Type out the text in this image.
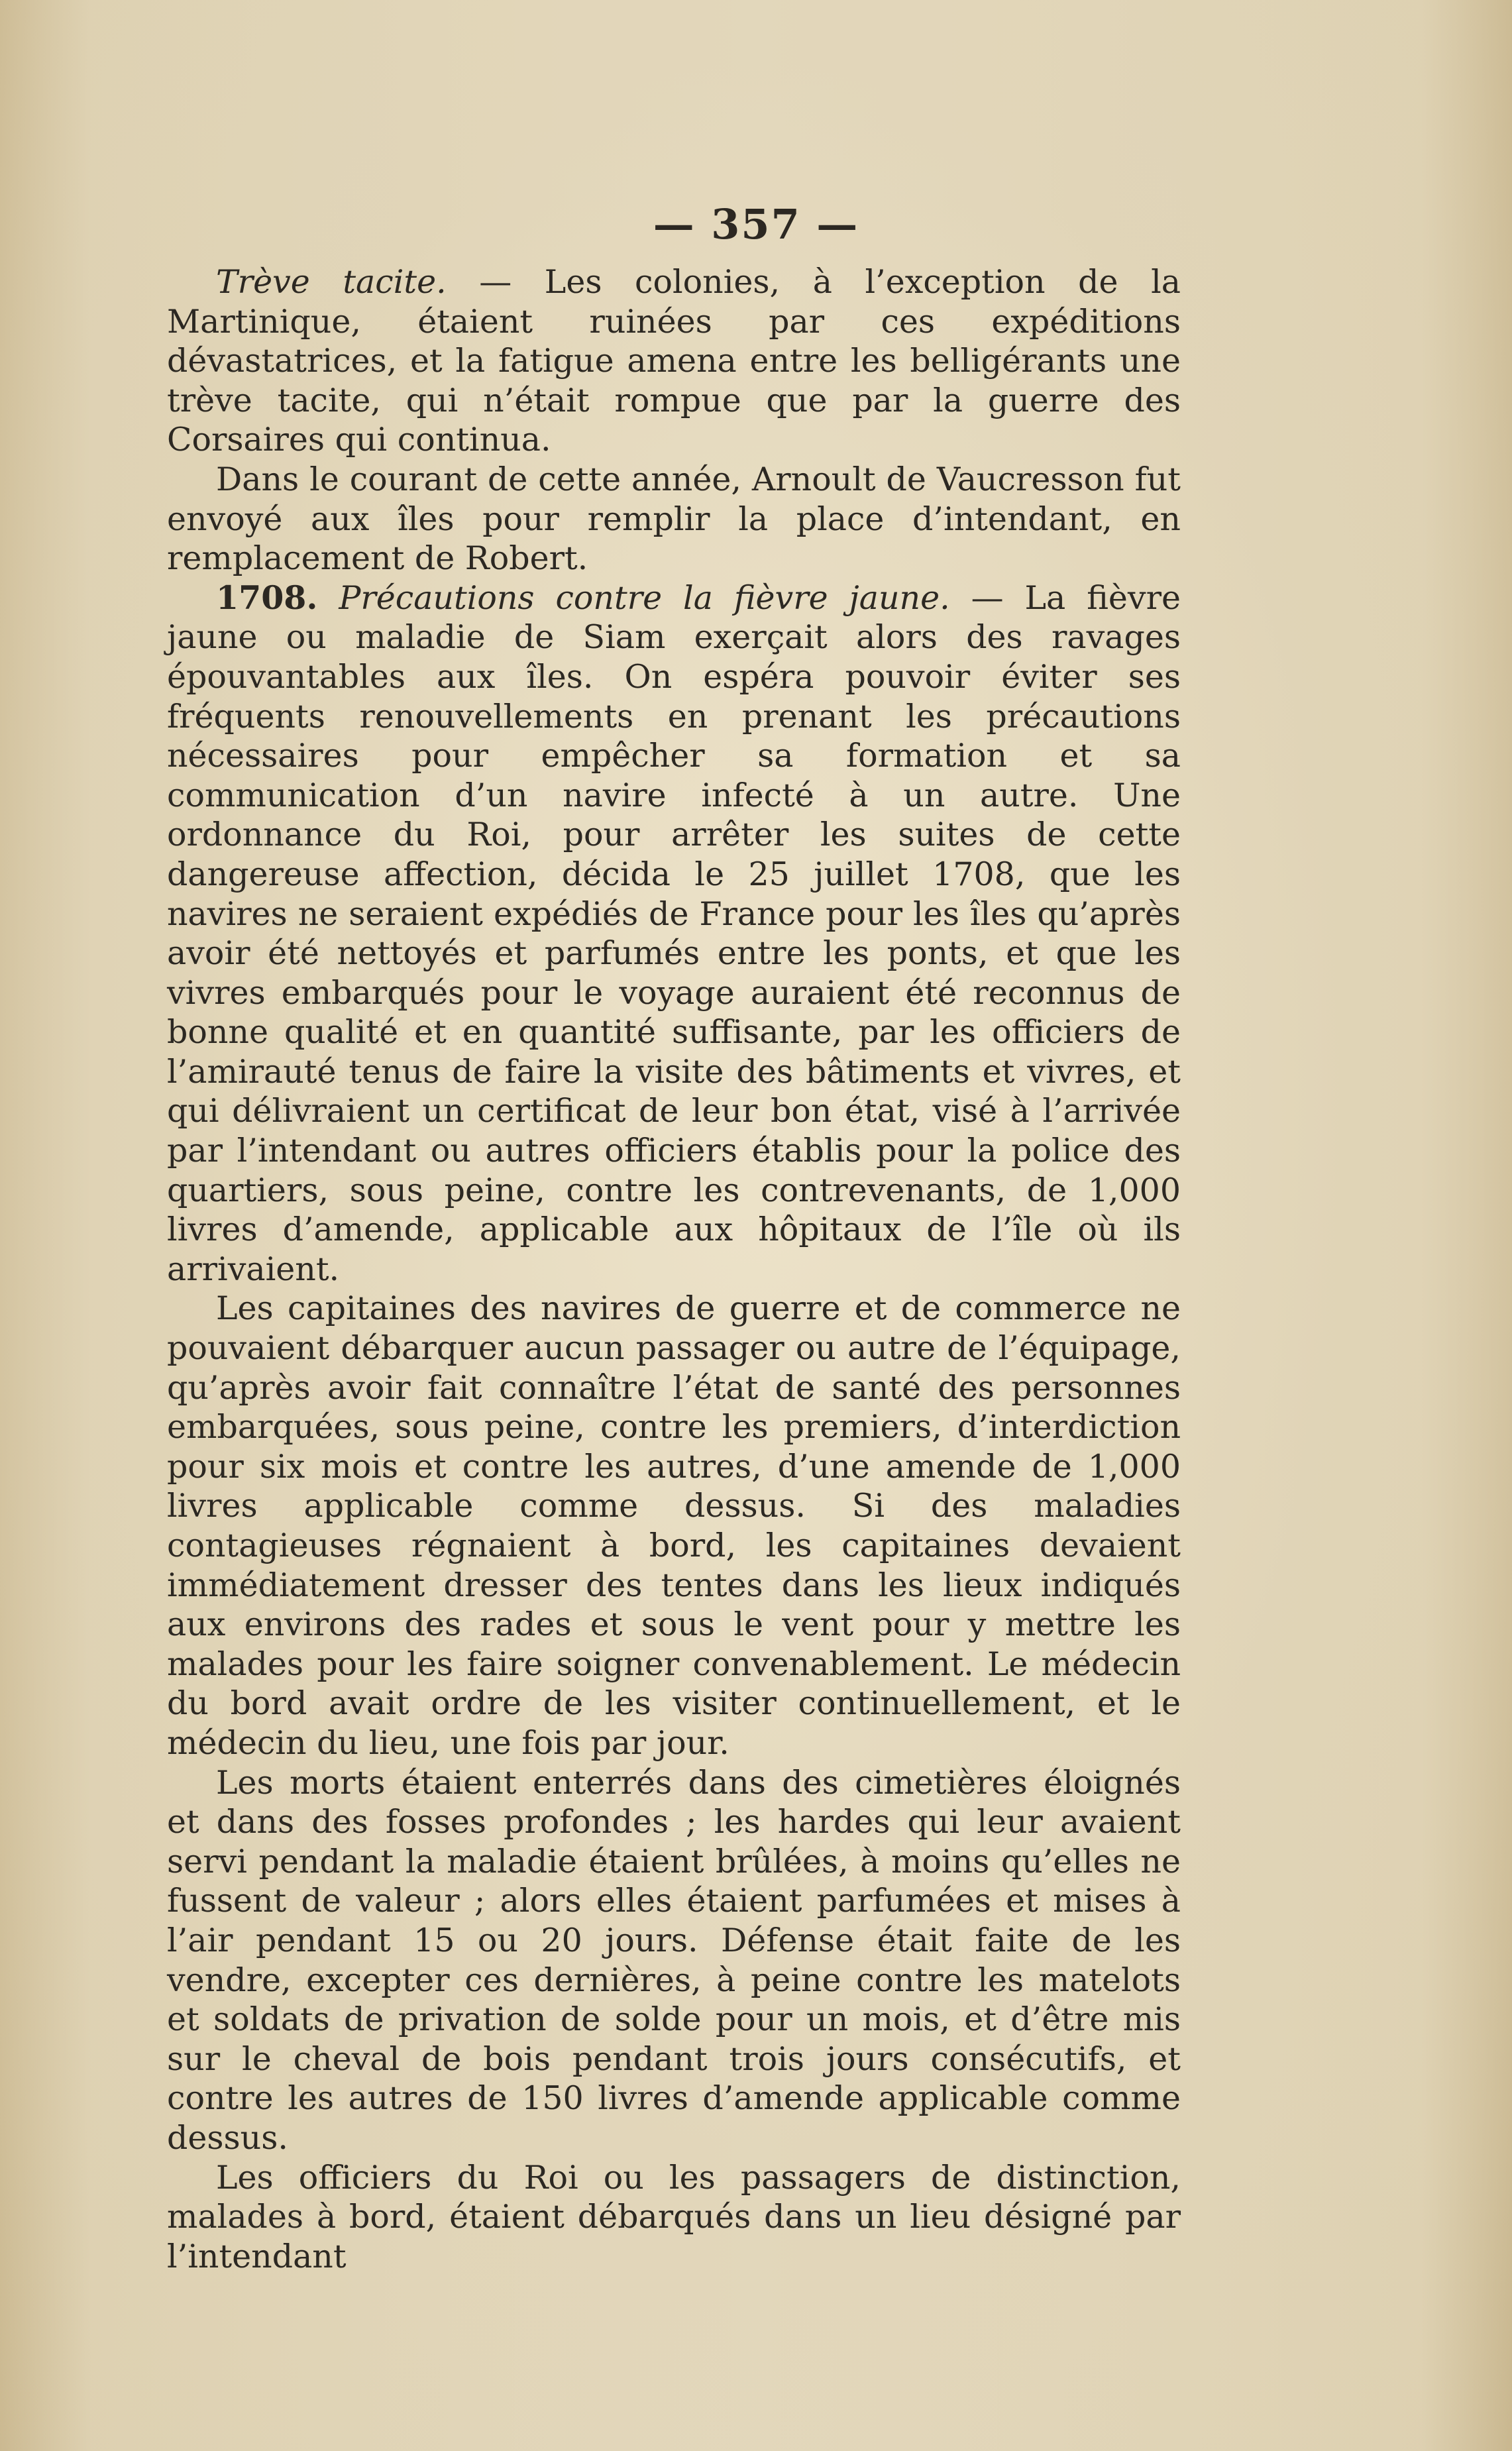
— 357 —

Trève tacite. — Les colonies, à l’exception de la Martinique, étaient ruinées par ces expéditions dévastatrices, et la fatigue amena entre les belligérants une trève tacite, qui n’était rompue que par la guerre des Corsaires qui continua.

Dans le courant de cette année, Arnoult de Vaucresson fut envoyé aux îles pour remplir la place d’intendant, en remplacement de Robert.

1708. Précautions contre la fièvre jaune. — La fièvre jaune ou maladie de Siam exerçait alors des ravages épouvantables aux îles. On espéra pouvoir éviter ses fréquents renouvellements en prenant les précautions nécessaires pour empêcher sa formation et sa communication d’un navire infecté à un autre. Une ordonnance du Roi, pour arrêter les suites de cette dangereuse affection, décida le 25 juillet 1708, que les navires ne seraient expédiés de France pour les îles qu’après avoir été nettoyés et parfumés entre les ponts, et que les vivres embarqués pour le voyage auraient été reconnus de bonne qualité et en quantité suffisante, par les officiers de l’amirauté tenus de faire la visite des bâtiments et vivres, et qui délivraient un certificat de leur bon état, visé à l’arrivée par l’intendant ou autres officiers établis pour la police des quartiers, sous peine, contre les contrevenants, de 1,000 livres d’amende, applicable aux hôpitaux de l’île où ils arrivaient.

Les capitaines des navires de guerre et de commerce ne pouvaient débarquer aucun passager ou autre de l’équipage, qu’après avoir fait connaître l’état de santé des personnes embarquées, sous peine, contre les premiers, d’interdiction pour six mois et contre les autres, d’une amende de 1,000 livres applicable comme dessus. Si des maladies contagieuses régnaient à bord, les capitaines devaient immédiatement dresser des tentes dans les lieux indiqués aux environs des rades et sous le vent pour y mettre les malades pour les faire soigner convenablement. Le médecin du bord avait ordre de les visiter continuellement, et le médecin du lieu, une fois par jour.

Les morts étaient enterrés dans des cimetières éloignés et dans des fosses profondes ; les hardes qui leur avaient servi pendant la maladie étaient brûlées, à moins qu’elles ne fussent de valeur ; alors elles étaient parfumées et mises à l’air pendant 15 ou 20 jours. Défense était faite de les vendre, excepter ces dernières, à peine contre les matelots et soldats de privation de solde pour un mois, et d’être mis sur le cheval de bois pendant trois jours consécutifs, et contre les autres de 150 livres d’amende applicable comme dessus.

Les officiers du Roi ou les passagers de distinction, malades à bord, étaient débarqués dans un lieu désigné par l’intendant
